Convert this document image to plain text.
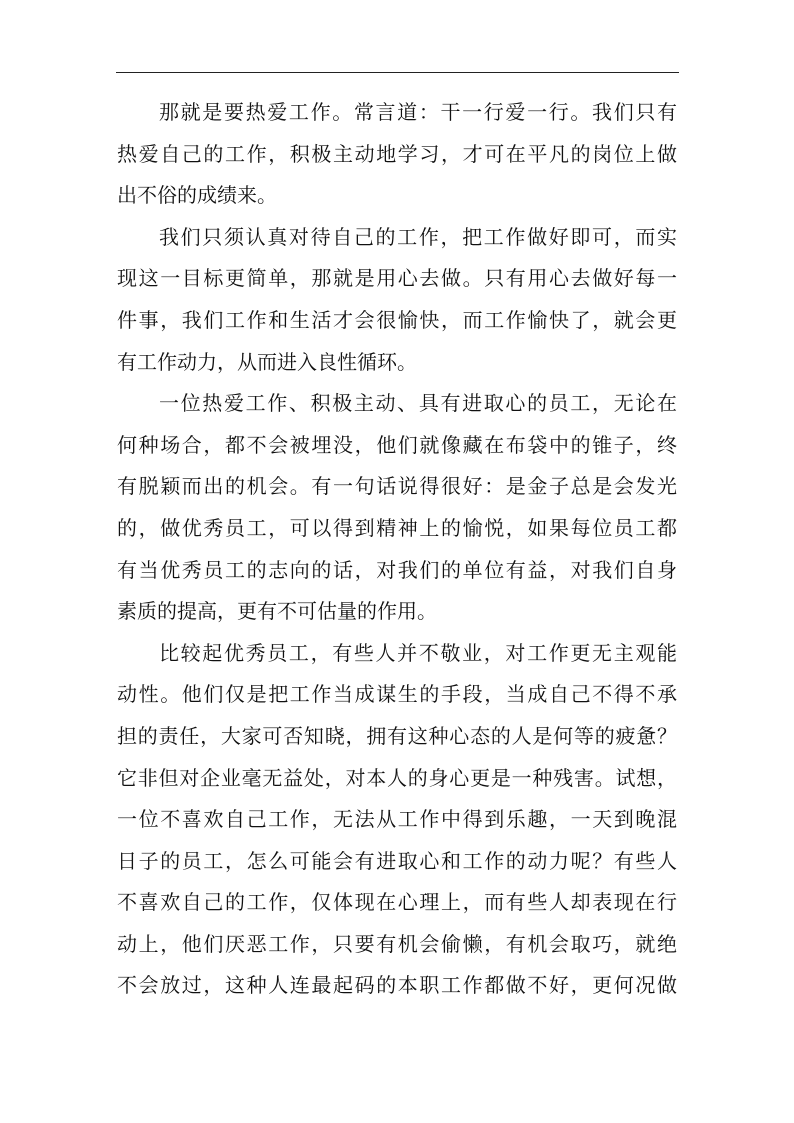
那就是要热爱工作。常言道：干一行爱一行。我们只有
热爱自己的工作，积极主动地学习，才可在平凡的岗位上做
出不俗的成绩来。
我们只须认真对待自己的工作，把工作做好即可，而实
现这一目标更简单，那就是用心去做。只有用心去做好每一
件事，我们工作和生活才会很愉快，而工作愉快了，就会更
有工作动力，从而进入良性循环。
一位热爱工作、积极主动、具有进取心的员工，无论在
何种场合，都不会被埋没，他们就像藏在布袋中的锥子，终
有脱颖而出的机会。有一句话说得很好：是金子总是会发光
的，做优秀员工，可以得到精神上的愉悦，如果每位员工都
有当优秀员工的志向的话，对我们的单位有益，对我们自身
素质的提高，更有不可估量的作用。
比较起优秀员工，有些人并不敬业，对工作更无主观能
动性。他们仅是把工作当成谋生的手段，当成自己不得不承
担的责任，大家可否知晓，拥有这种心态的人是何等的疲惫？
它非但对企业毫无益处，对本人的身心更是一种残害。试想，
一位不喜欢自己工作，无法从工作中得到乐趣，一天到晚混
日子的员工，怎么可能会有进取心和工作的动力呢？有些人
不喜欢自己的工作，仅体现在心理上，而有些人却表现在行
动上，他们厌恶工作，只要有机会偷懒，有机会取巧，就绝
不会放过，这种人连最起码的本职工作都做不好，更何况做
